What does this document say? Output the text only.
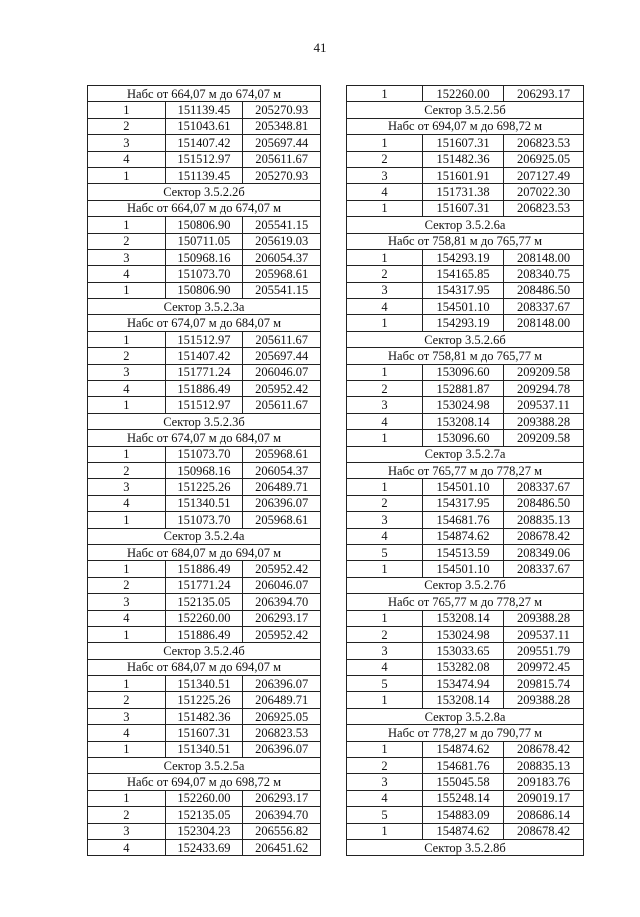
41
Набс от 664,07 м до 674,07 м		
1	151139.45	205270.93
2	151043.61	205348.81
3	151407.42	205697.44
4	151512.97	205611.67
1	151139.45	205270.93
Сектор 3.5.2.2б		
Набс от 664,07 м до 674,07 м		
1	150806.90	205541.15
2	150711.05	205619.03
3	150968.16	206054.37
4	151073.70	205968.61
1	150806.90	205541.15
Сектор 3.5.2.3а		
Набс от 674,07 м до 684,07 м		
1	151512.97	205611.67
2	151407.42	205697.44
3	151771.24	206046.07
4	151886.49	205952.42
1	151512.97	205611.67
Сектор 3.5.2.3б		
Набс от 674,07 м до 684,07 м		
1	151073.70	205968.61
2	150968.16	206054.37
3	151225.26	206489.71
4	151340.51	206396.07
1	151073.70	205968.61
Сектор 3.5.2.4а		
Набс от 684,07 м до 694,07 м		
1	151886.49	205952.42
2	151771.24	206046.07
3	152135.05	206394.70
4	152260.00	206293.17
1	151886.49	205952.42
Сектор 3.5.2.4б		
Набс от 684,07 м до 694,07 м		
1	151340.51	206396.07
2	151225.26	206489.71
3	151482.36	206925.05
4	151607.31	206823.53
1	151340.51	206396.07
Сектор 3.5.2.5а		
Набс от 694,07 м до 698,72 м		
1	152260.00	206293.17
2	152135.05	206394.70
3	152304.23	206556.82
4	152433.69	206451.62
1	152260.00	206293.17
Сектор 3.5.2.5б		
Набс от 694,07 м до 698,72 м		
1	151607.31	206823.53
2	151482.36	206925.05
3	151601.91	207127.49
4	151731.38	207022.30
1	151607.31	206823.53
Сектор 3.5.2.6а		
Набс от 758,81 м до 765,77 м		
1	154293.19	208148.00
2	154165.85	208340.75
3	154317.95	208486.50
4	154501.10	208337.67
1	154293.19	208148.00
Сектор 3.5.2.6б		
Набс от 758,81 м до 765,77 м		
1	153096.60	209209.58
2	152881.87	209294.78
3	153024.98	209537.11
4	153208.14	209388.28
1	153096.60	209209.58
Сектор 3.5.2.7а		
Набс от 765,77 м до 778,27 м		
1	154501.10	208337.67
2	154317.95	208486.50
3	154681.76	208835.13
4	154874.62	208678.42
5	154513.59	208349.06
1	154501.10	208337.67
Сектор 3.5.2.7б		
Набс от 765,77 м до 778,27 м		
1	153208.14	209388.28
2	153024.98	209537.11
3	153033.65	209551.79
4	153282.08	209972.45
5	153474.94	209815.74
1	153208.14	209388.28
Сектор 3.5.2.8а		
Набс от 778,27 м до 790,77 м		
1	154874.62	208678.42
2	154681.76	208835.13
3	155045.58	209183.76
4	155248.14	209019.17
5	154883.09	208686.14
1	154874.62	208678.42
Сектор 3.5.2.8б		
